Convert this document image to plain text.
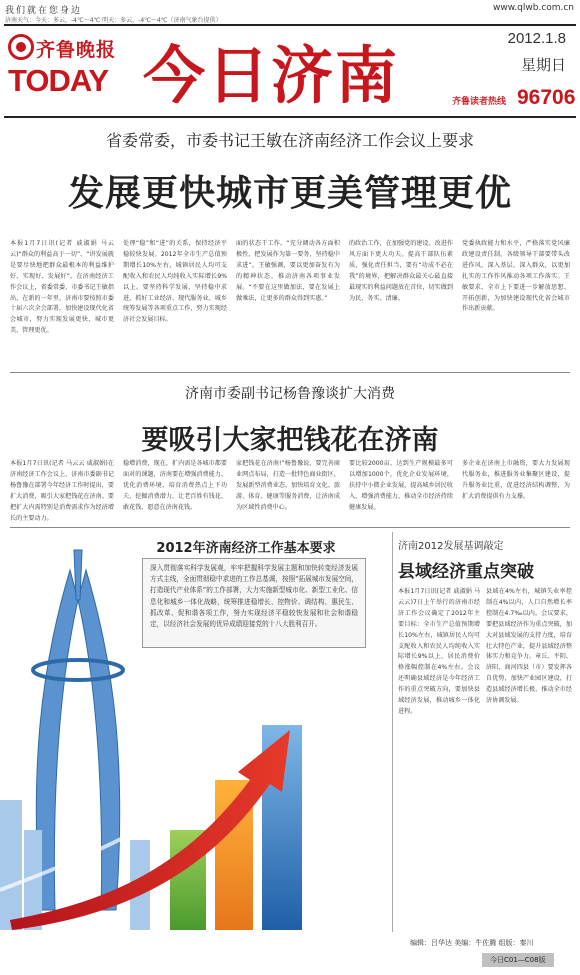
我们就在您身边	www.qlwb.com.cn
济南天气：今天：多云，-4℃～4℃ 明天：多云，-4℃～4℃（济南气象台提供）
齐鲁晚报
TODAY 今日济南
2012.1.8
星期日
齐鲁读者热线 96706
省委常委，市委书记王敏在济南经济工作会议上要求
发展更快城市更美管理更优
本报1月7日讯(记者 戚淑娟 马云云)“群众的利益高于一切”、“讲发展就是要尽快地把群众最根本的利益维护好、实现好、发展好”。在济南经济工作会议上，省委常委、市委书记王敏指出，在新的一年里，济南市要按照市委十届六次全会部署，加快建设现代化省会城市，努力实现发展更快、城市更美、管理更优。
处理“稳”和“进”的关系，保持经济平稳较快发展。2012年全市生产总值预期增长10%左右，城镇居民人均可支配收入和农民人均纯收入实际增长9%以上。要坚持科学发展，坚持稳中求进，抓好工业经济、现代服务业、城乡统筹发展等各项重点工作，努力实现经济社会发展目标。
面的状态干工作。“充分调动各方面积极性，把发展作为第一要务，坚持稳中求进”。王敏强调，要以更加奋发有为的精神状态，推动济南各项事业发展。“不要在这里做加法，要在发展上做乘法，让更多的群众得到实惠。”
的政治工作，在加强党的建设、改进作风方面下更大功夫。提高干部队伍素质，强化责任担当，要有“功成不必在我”的境界，把解决群众最关心最直接最现实的利益问题放在首位，切实做到为民、务实、清廉。
党委执政能力和水平，严格落实党风廉政建设责任制。各级领导干部要带头改进作风，深入基层、深入群众，以更加扎实的工作作风推动各项工作落实。王敏要求，全市上下要进一步解放思想、开拓创新，为加快建设现代化省会城市作出新贡献。
济南市委副书记杨鲁豫谈扩大消费
要吸引大家把钱花在济南
本报1月7日讯(记者 马云云 戚淑娟)在济南经济工作会议上，济南市委副书记杨鲁豫在部署今年经济工作时提出，要扩大消费，吸引大家把钱花在济南。要把扩大内需特别是消费需求作为经济增长的主要动力。
稳增消费，现在，扩内需是各城市都要面对的课题，济南要在增强消费能力、优化消费环境、培育消费热点上下功夫，挖掘消费潜力，让老百姓有钱花、敢花钱、愿意在济南花钱。
家把钱花在济南!”杨鲁豫说，要完善商业网点布局，打造一批特色商业街区，发展新型消费业态，加快培育文化、旅游、体育、健康等服务消费，让济南成为区域性消费中心。
要比较2000亩，达到生产规模最多可以增加1000个，优化企业发展环境，扶持中小微企业发展，提高城乡居民收入，增强消费能力，推动全市经济持续健康发展。
多企业在济南上市融资，要大力发展现代服务业，推进服务业集聚区建设，提升服务业比重，促进经济结构调整，为扩大消费提供有力支撑。
2012年济南经济工作基本要求
深入贯彻落实科学发展观，牢牢把握科学发展主题和加快转变经济发展方式主线，全面贯彻稳中求进的工作总基调，按照“拓展城市发展空间，打造现代产业体系”的工作部署，大力实施新型城市化、新型工业化、信息化和城乡一体化战略，统筹推进稳增长、控物价、调结构、惠民生、抓改革、促和谐各项工作，努力实现经济平稳较快发展和社会和谐稳定，以经济社会发展的优异成绩迎接党的十八大胜利召开。
济南2012发展基调敲定
县域经济重点突破
本报1月7日讯(记者 戚淑娟 马云云)7日上午举行的济南市经济工作会议确定了2012年主要目标：全市生产总值预期增长10%左右，城镇居民人均可支配收入和农民人均纯收入实际增长9%以上，居民消费价格涨幅控制在4%左右。会议还明确县域经济是今年经济工作的重点突破方向，要加快县域经济发展，推动城乡一体化进程。
县域在4%左右，城镇失业率控制在4%以内，人口自然增长率控制在4.7‰以内。会议要求，要把县域经济作为重点突破，加大对县域发展的支持力度，培育壮大特色产业，提升县域经济整体实力和竞争力。章丘、平阴、济阳、商河四县（市）要发挥各自优势，加快产业园区建设，打造县域经济增长极，推动全市经济协调发展。
编辑：吕华达 美编：牛佐腾 组版：秦川
今日C01—C08版
